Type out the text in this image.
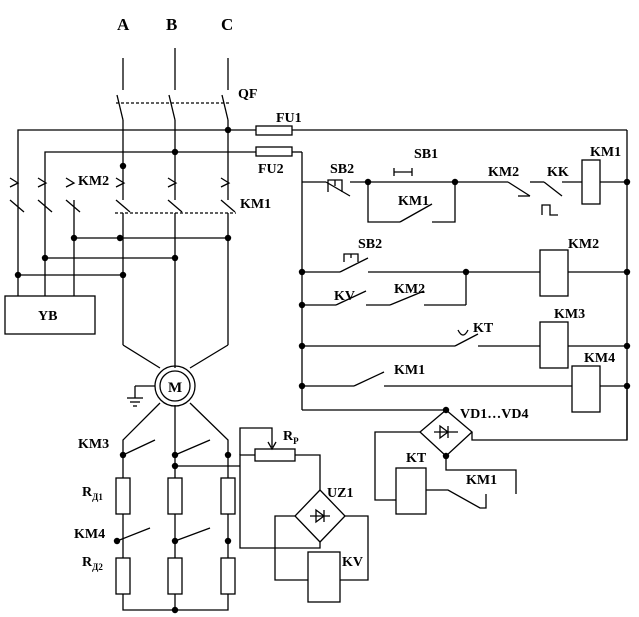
A B	C
QF
FU1
FU2
KM2
KM1
YB
M
KM3
KM4
$R_{Д1}$
$R_{Д2}$
$R_P$
UZ1
KV
SB2
SB1
KM1
KM2 KK
KM1
SB2	KM2
KV	KM2
KT
KM3
KM1
KM4
VD1…VD4
KT
KM1
